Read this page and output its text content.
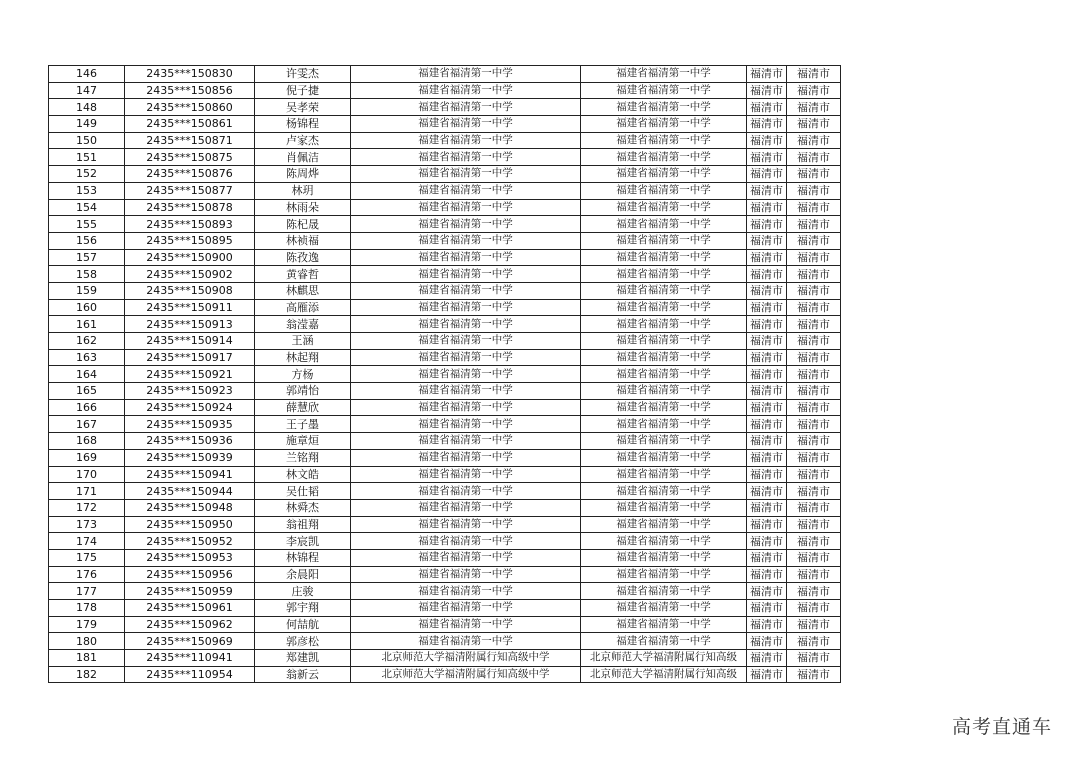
146	2435***150830	许雯杰	福建省福清第一中学	福建省福清第一中学	福清市	福清市
147	2435***150856	倪子捷	福建省福清第一中学	福建省福清第一中学	福清市	福清市
148	2435***150860	吴孝荣	福建省福清第一中学	福建省福清第一中学	福清市	福清市
149	2435***150861	杨锦程	福建省福清第一中学	福建省福清第一中学	福清市	福清市
150	2435***150871	卢家杰	福建省福清第一中学	福建省福清第一中学	福清市	福清市
151	2435***150875	肖佩洁	福建省福清第一中学	福建省福清第一中学	福清市	福清市
152	2435***150876	陈周烨	福建省福清第一中学	福建省福清第一中学	福清市	福清市
153	2435***150877	林玥	福建省福清第一中学	福建省福清第一中学	福清市	福清市
154	2435***150878	林雨朵	福建省福清第一中学	福建省福清第一中学	福清市	福清市
155	2435***150893	陈杞晟	福建省福清第一中学	福建省福清第一中学	福清市	福清市
156	2435***150895	林祯福	福建省福清第一中学	福建省福清第一中学	福清市	福清市
157	2435***150900	陈孜逸	福建省福清第一中学	福建省福清第一中学	福清市	福清市
158	2435***150902	黄睿哲	福建省福清第一中学	福建省福清第一中学	福清市	福清市
159	2435***150908	林麒思	福建省福清第一中学	福建省福清第一中学	福清市	福清市
160	2435***150911	高雁添	福建省福清第一中学	福建省福清第一中学	福清市	福清市
161	2435***150913	翁滢嘉	福建省福清第一中学	福建省福清第一中学	福清市	福清市
162	2435***150914	王涵	福建省福清第一中学	福建省福清第一中学	福清市	福清市
163	2435***150917	林起翔	福建省福清第一中学	福建省福清第一中学	福清市	福清市
164	2435***150921	方杨	福建省福清第一中学	福建省福清第一中学	福清市	福清市
165	2435***150923	郭靖怡	福建省福清第一中学	福建省福清第一中学	福清市	福清市
166	2435***150924	薛慧欣	福建省福清第一中学	福建省福清第一中学	福清市	福清市
167	2435***150935	王子墨	福建省福清第一中学	福建省福清第一中学	福清市	福清市
168	2435***150936	施章烜	福建省福清第一中学	福建省福清第一中学	福清市	福清市
169	2435***150939	兰铭翔	福建省福清第一中学	福建省福清第一中学	福清市	福清市
170	2435***150941	林文皓	福建省福清第一中学	福建省福清第一中学	福清市	福清市
171	2435***150944	吴仕韬	福建省福清第一中学	福建省福清第一中学	福清市	福清市
172	2435***150948	林舜杰	福建省福清第一中学	福建省福清第一中学	福清市	福清市
173	2435***150950	翁祖翔	福建省福清第一中学	福建省福清第一中学	福清市	福清市
174	2435***150952	李宸凯	福建省福清第一中学	福建省福清第一中学	福清市	福清市
175	2435***150953	林锦程	福建省福清第一中学	福建省福清第一中学	福清市	福清市
176	2435***150956	余晨阳	福建省福清第一中学	福建省福清第一中学	福清市	福清市
177	2435***150959	庄骏	福建省福清第一中学	福建省福清第一中学	福清市	福清市
178	2435***150961	郭宇翔	福建省福清第一中学	福建省福清第一中学	福清市	福清市
179	2435***150962	何喆航	福建省福清第一中学	福建省福清第一中学	福清市	福清市
180	2435***150969	郭彦松	福建省福清第一中学	福建省福清第一中学	福清市	福清市
181	2435***110941	郑建凯	北京师范大学福清附属行知高级中学	北京师范大学福清附属行知高级	福清市	福清市
182	2435***110954	翁新云	北京师范大学福清附属行知高级中学	北京师范大学福清附属行知高级	福清市	福清市
高考直通车
